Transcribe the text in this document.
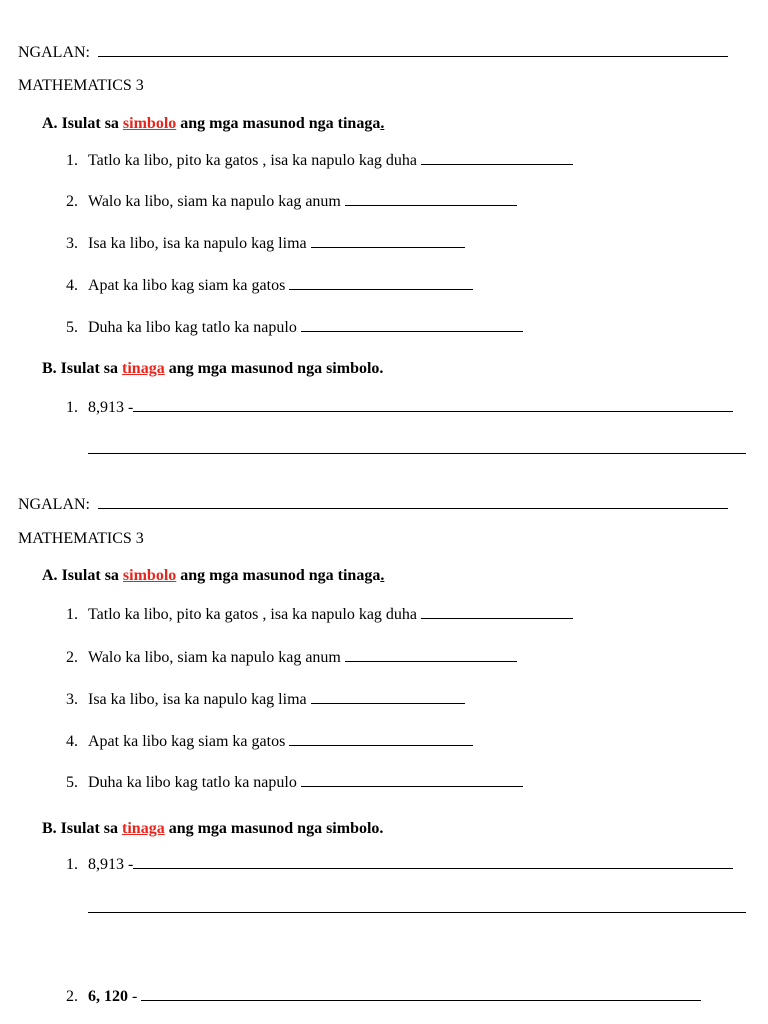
NGALAN:
MATHEMATICS 3
A. Isulat sa simbolo ang mga masunod nga tinaga.
1. Tatlo ka libo, pito ka gatos , isa ka napulo kag duha
2. Walo ka libo, siam ka napulo kag anum
3. Isa ka libo, isa ka napulo kag lima
4. Apat ka libo kag siam ka gatos
5. Duha ka libo kag tatlo ka napulo
B. Isulat sa tinaga ang mga masunod nga simbolo.
1. 8,913 -
NGALAN:
MATHEMATICS 3
A. Isulat sa simbolo ang mga masunod nga tinaga.
1. Tatlo ka libo, pito ka gatos , isa ka napulo kag duha
2. Walo ka libo, siam ka napulo kag anum
3. Isa ka libo, isa ka napulo kag lima
4. Apat ka libo kag siam ka gatos
5. Duha ka libo kag tatlo ka napulo
B. Isulat sa tinaga ang mga masunod nga simbolo.
1. 8,913 -
2. 6, 120 -
